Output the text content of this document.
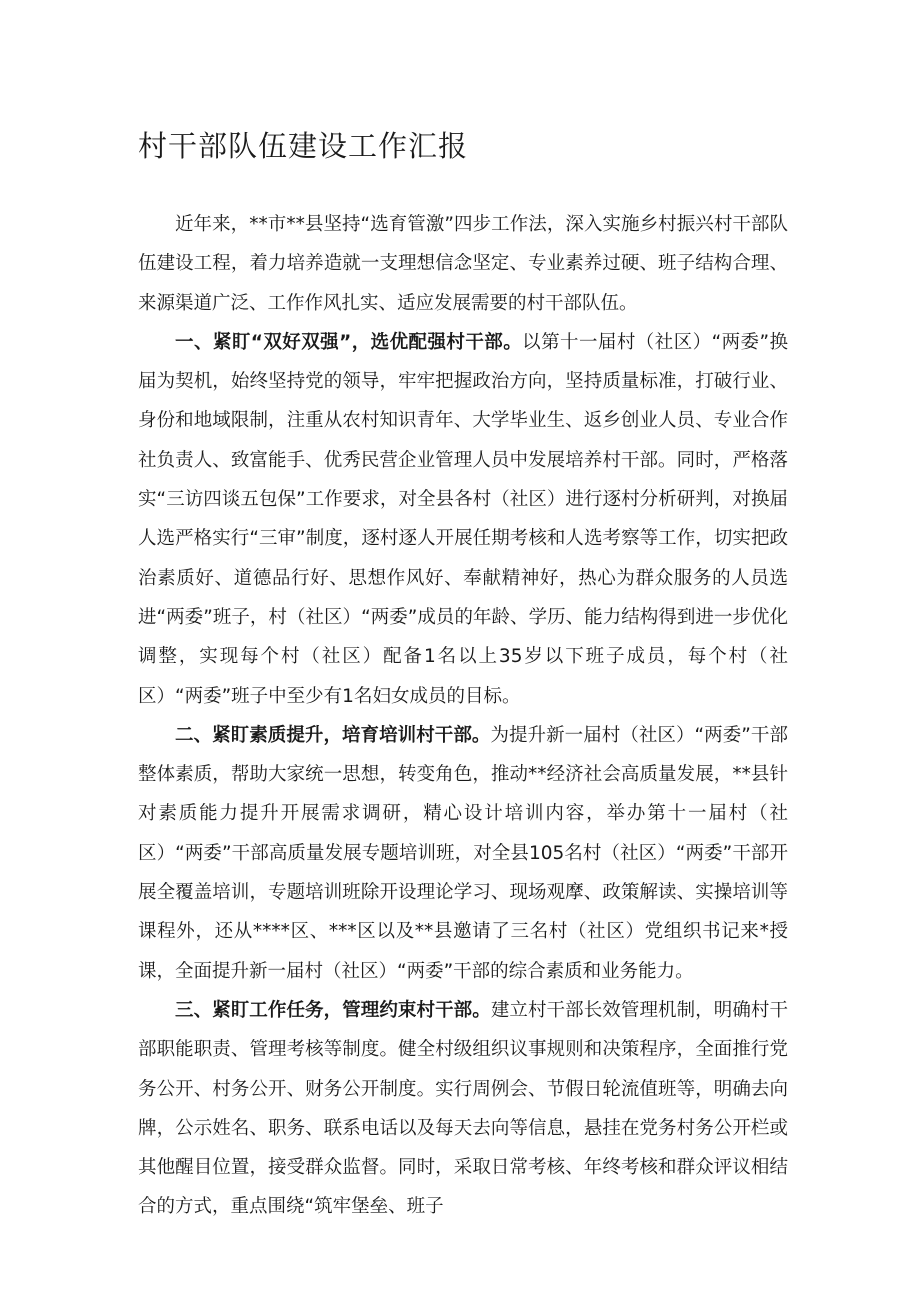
村干部队伍建设工作汇报

近年来，**市**县坚持“选育管激”四步工作法，深入实施乡村振兴村干部队伍建设工程，着力培养造就一支理想信念坚定、专业素养过硬、班子结构合理、来源渠道广泛、工作作风扎实、适应发展需要的村干部队伍。

一、紧盯“双好双强”，选优配强村干部。以第十一届村（社区）“两委”换届为契机，始终坚持党的领导，牢牢把握政治方向，坚持质量标准，打破行业、身份和地域限制，注重从农村知识青年、大学毕业生、返乡创业人员、专业合作社负责人、致富能手、优秀民营企业管理人员中发展培养村干部。同时，严格落实“三访四谈五包保”工作要求，对全县各村（社区）进行逐村分析研判，对换届人选严格实行“三审”制度，逐村逐人开展任期考核和人选考察等工作，切实把政治素质好、道德品行好、思想作风好、奉献精神好，热心为群众服务的人员选进“两委”班子，村（社区）“两委”成员的年龄、学历、能力结构得到进一步优化调整，实现每个村（社区）配备1名以上35岁以下班子成员，每个村（社区）“两委”班子中至少有1名妇女成员的目标。

二、紧盯素质提升，培育培训村干部。为提升新一届村（社区）“两委”干部整体素质，帮助大家统一思想，转变角色，推动**经济社会高质量发展，**县针对素质能力提升开展需求调研，精心设计培训内容，举办第十一届村（社区）“两委”干部高质量发展专题培训班，对全县105名村（社区）“两委”干部开展全覆盖培训，专题培训班除开设理论学习、现场观摩、政策解读、实操培训等课程外，还从****区、***区以及**县邀请了三名村（社区）党组织书记来*授课，全面提升新一届村（社区）“两委”干部的综合素质和业务能力。

三、紧盯工作任务，管理约束村干部。建立村干部长效管理机制，明确村干部职能职责、管理考核等制度。健全村级组织议事规则和决策程序，全面推行党务公开、村务公开、财务公开制度。实行周例会、节假日轮流值班等，明确去向牌，公示姓名、职务、联系电话以及每天去向等信息，悬挂在党务村务公开栏或其他醒目位置，接受群众监督。同时，采取日常考核、年终考核和群众评议相结合的方式，重点围绕“筑牢堡垒、班子
